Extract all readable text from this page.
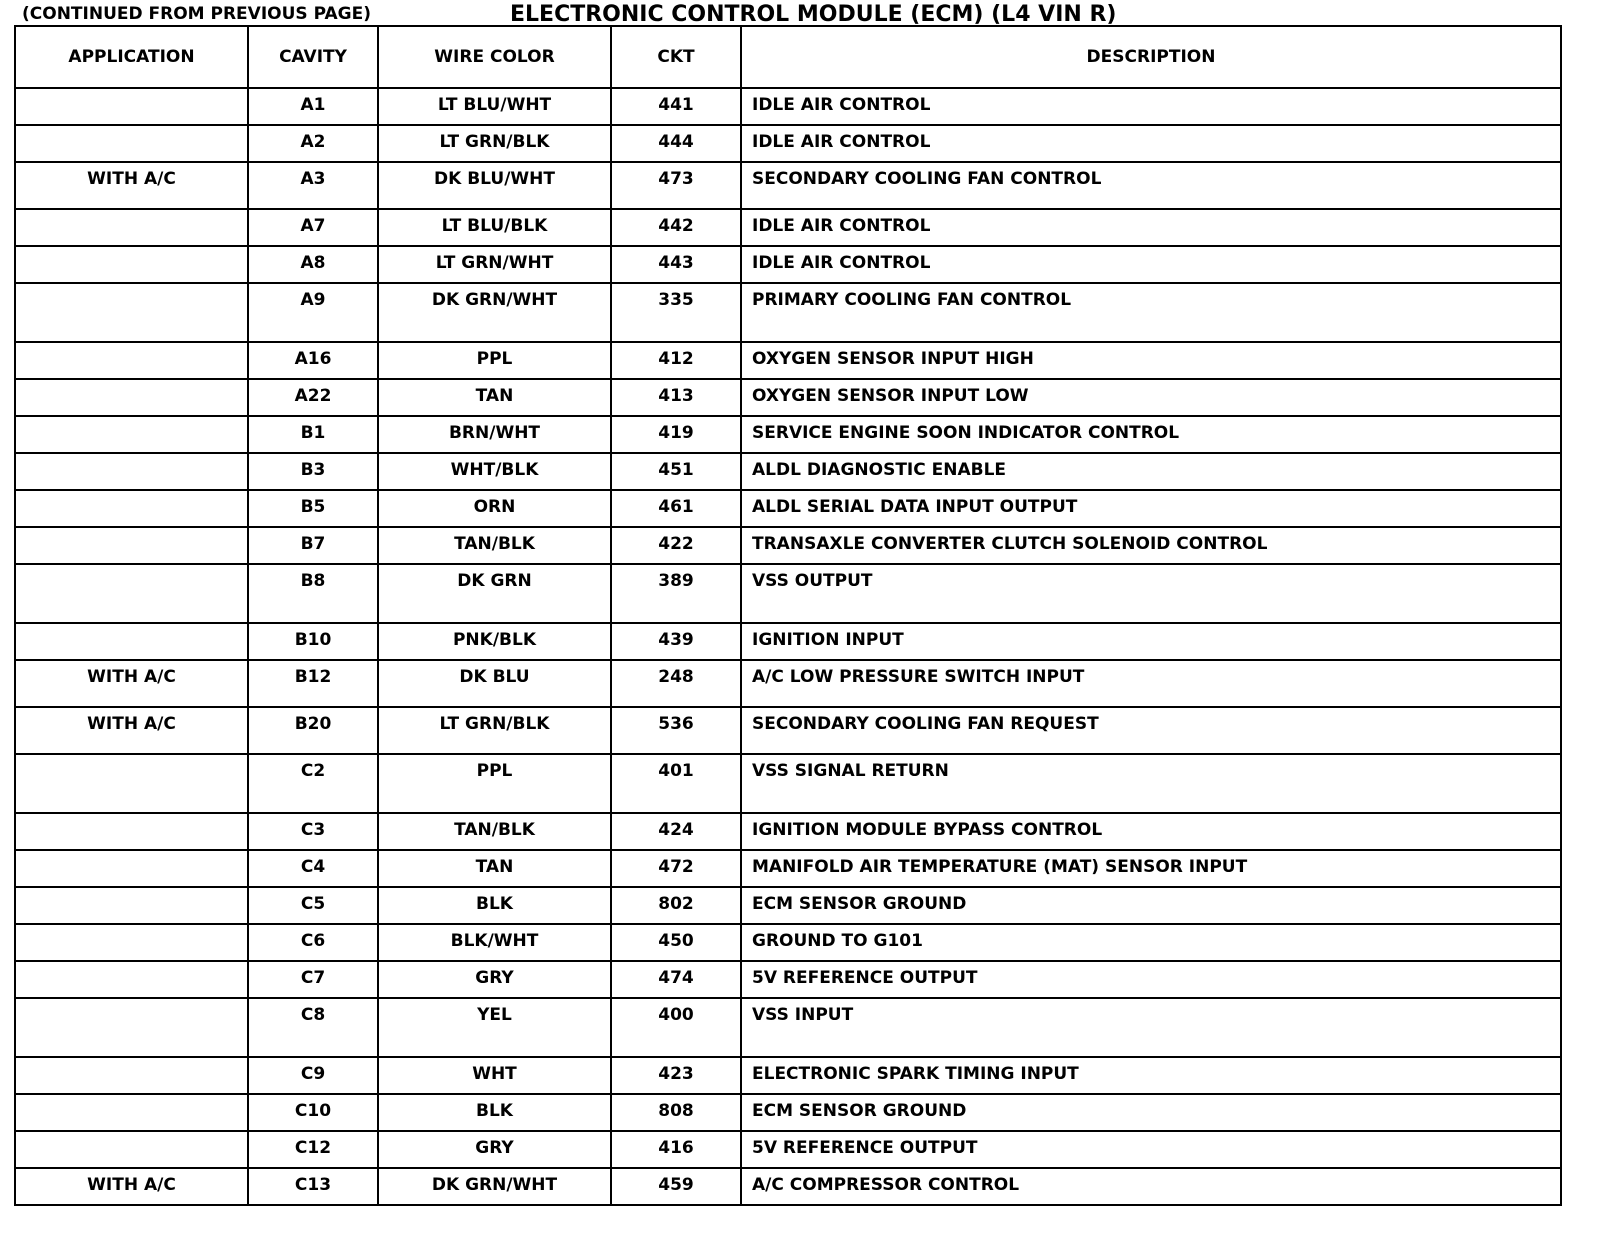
(CONTINUED FROM PREVIOUS PAGE)	ELECTRONIC CONTROL MODULE (ECM) (L4 VIN R)
APPLICATION	CAVITY	WIRE COLOR	CKT	DESCRIPTION
	A1	LT BLU/WHT	441	IDLE AIR CONTROL
	A2	LT GRN/BLK	444	IDLE AIR CONTROL
WITH A/C	A3	DK BLU/WHT	473	SECONDARY COOLING FAN CONTROL
	A7	LT BLU/BLK	442	IDLE AIR CONTROL
	A8	LT GRN/WHT	443	IDLE AIR CONTROL
	A9	DK GRN/WHT	335	PRIMARY COOLING FAN CONTROL
	A16	PPL	412	OXYGEN SENSOR INPUT HIGH
	A22	TAN	413	OXYGEN SENSOR INPUT LOW
	B1	BRN/WHT	419	SERVICE ENGINE SOON INDICATOR CONTROL
	B3	WHT/BLK	451	ALDL DIAGNOSTIC ENABLE
	B5	ORN	461	ALDL SERIAL DATA INPUT OUTPUT
	B7	TAN/BLK	422	TRANSAXLE CONVERTER CLUTCH SOLENOID CONTROL
	B8	DK GRN	389	VSS OUTPUT
	B10	PNK/BLK	439	IGNITION INPUT
WITH A/C	B12	DK BLU	248	A/C LOW PRESSURE SWITCH INPUT
WITH A/C	B20	LT GRN/BLK	536	SECONDARY COOLING FAN REQUEST
	C2	PPL	401	VSS SIGNAL RETURN
	C3	TAN/BLK	424	IGNITION MODULE BYPASS CONTROL
	C4	TAN	472	MANIFOLD AIR TEMPERATURE (MAT) SENSOR INPUT
	C5	BLK	802	ECM SENSOR GROUND
	C6	BLK/WHT	450	GROUND TO G101
	C7	GRY	474	5V REFERENCE OUTPUT
	C8	YEL	400	VSS INPUT
	C9	WHT	423	ELECTRONIC SPARK TIMING INPUT
	C10	BLK	808	ECM SENSOR GROUND
	C12	GRY	416	5V REFERENCE OUTPUT
WITH A/C	C13	DK GRN/WHT	459	A/C COMPRESSOR CONTROL
